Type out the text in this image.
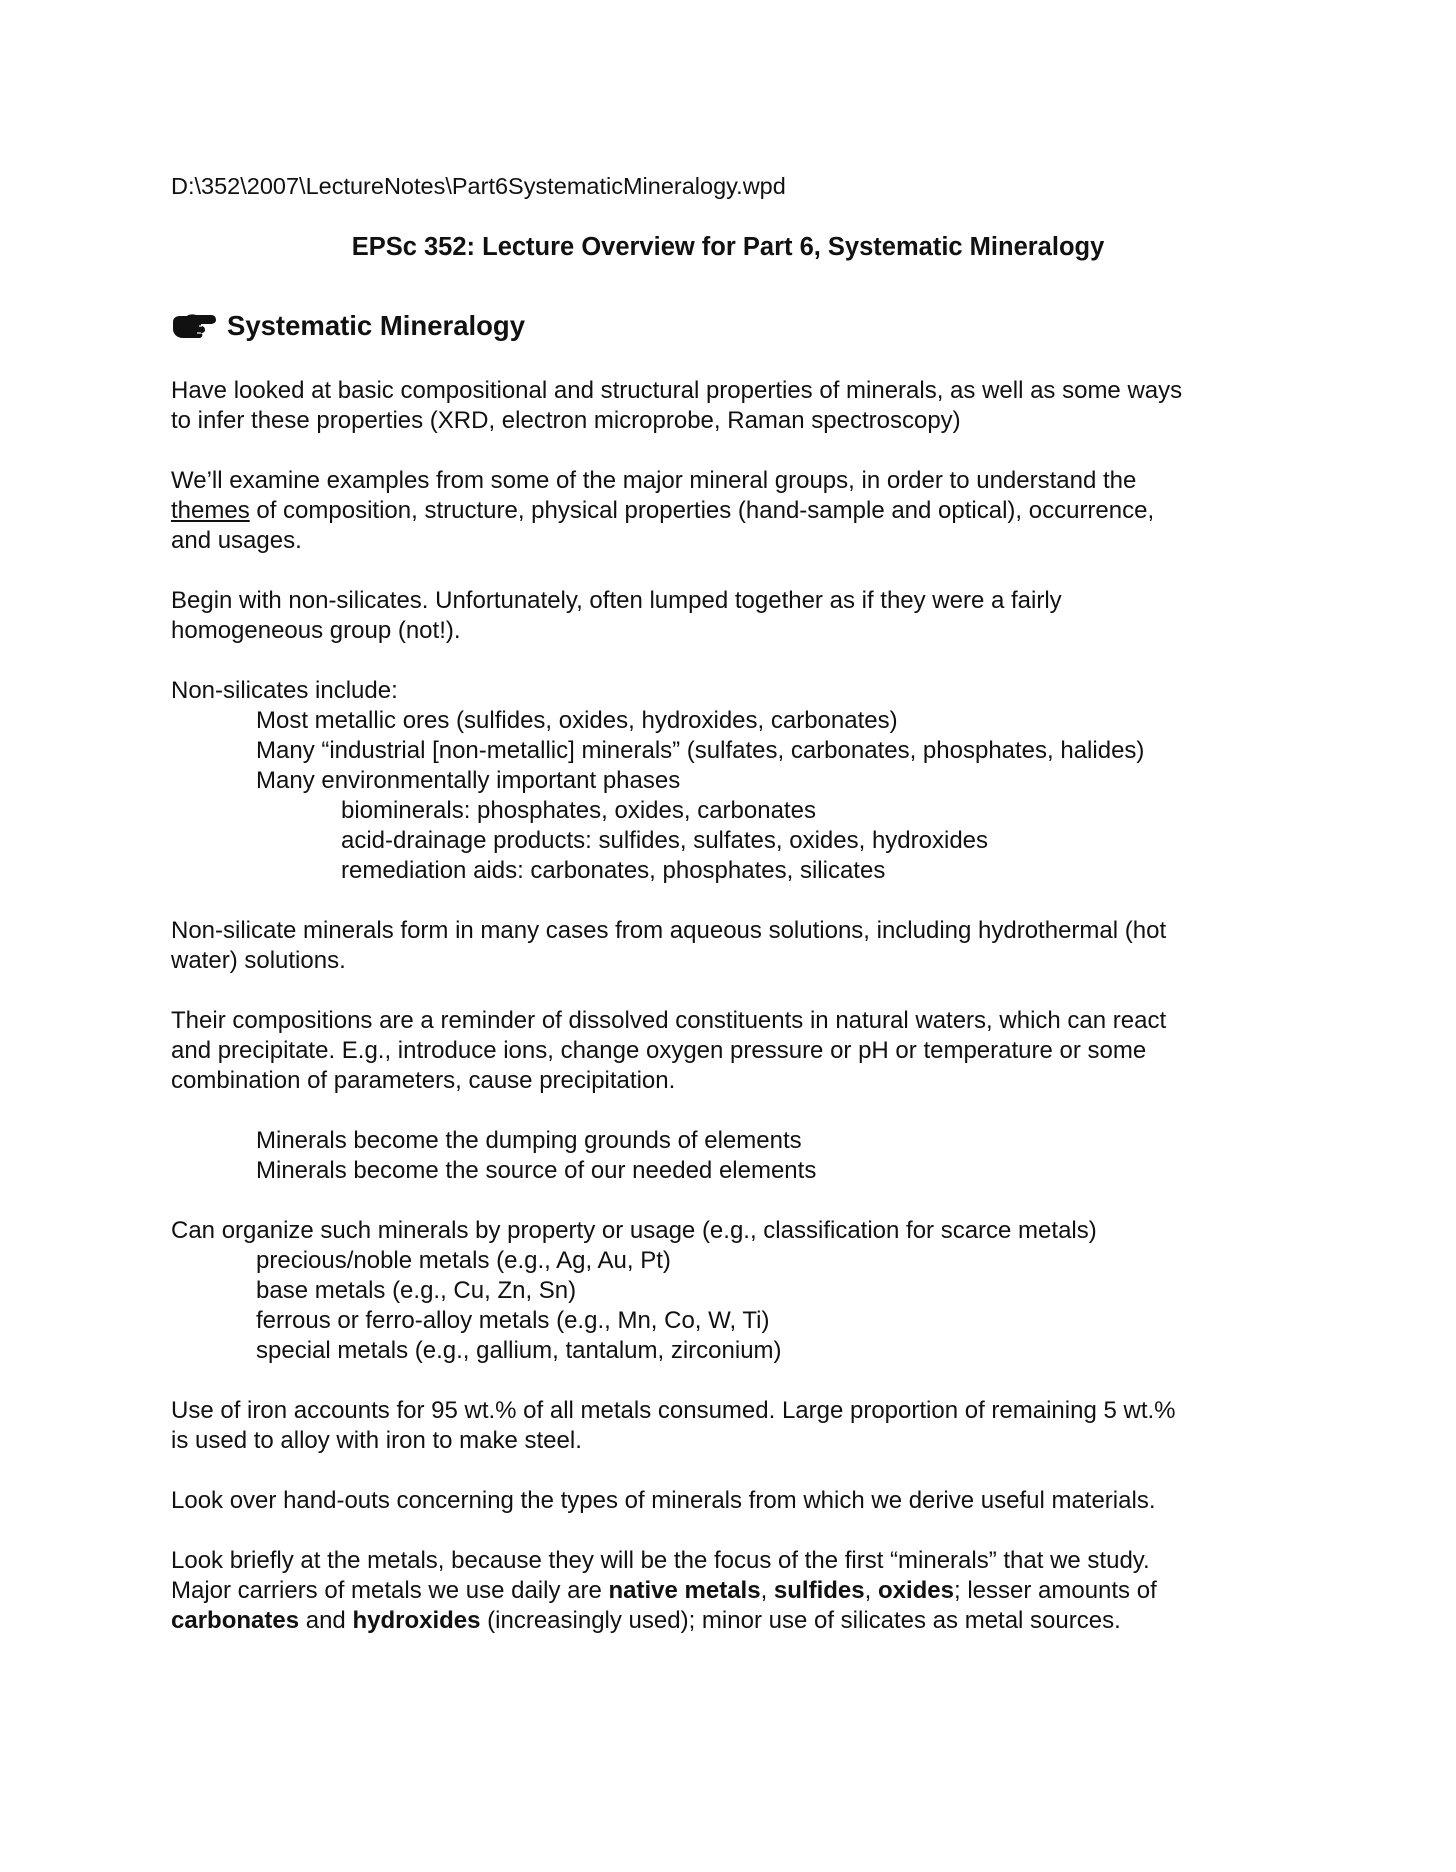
D:\352\2007\LectureNotes\Part6SystematicMineralogy.wpd
EPSc 352: Lecture Overview for Part 6, Systematic Mineralogy
Systematic Mineralogy
Have looked at basic compositional and structural properties of minerals, as well as some ways
to infer these properties (XRD, electron microprobe, Raman spectroscopy)
We’ll examine examples from some of the major mineral groups, in order to understand the
themes of composition, structure, physical properties (hand-sample and optical), occurrence,
and usages.
Begin with non-silicates. Unfortunately, often lumped together as if they were a fairly
homogeneous group (not!).
Non-silicates include:
Most metallic ores (sulfides, oxides, hydroxides, carbonates)
Many “industrial [non-metallic] minerals” (sulfates, carbonates, phosphates, halides)
Many environmentally important phases
biominerals: phosphates, oxides, carbonates
acid-drainage products: sulfides, sulfates, oxides, hydroxides
remediation aids: carbonates, phosphates, silicates
Non-silicate minerals form in many cases from aqueous solutions, including hydrothermal (hot
water) solutions.
Their compositions are a reminder of dissolved constituents in natural waters, which can react
and precipitate. E.g., introduce ions, change oxygen pressure or pH or temperature or some
combination of parameters, cause precipitation.
Minerals become the dumping grounds of elements
Minerals become the source of our needed elements
Can organize such minerals by property or usage (e.g., classification for scarce metals)
precious/noble metals (e.g., Ag, Au, Pt)
base metals (e.g., Cu, Zn, Sn)
ferrous or ferro-alloy metals (e.g., Mn, Co, W, Ti)
special metals (e.g., gallium, tantalum, zirconium)
Use of iron accounts for 95 wt.% of all metals consumed. Large proportion of remaining 5 wt.%
is used to alloy with iron to make steel.
Look over hand-outs concerning the types of minerals from which we derive useful materials.
Look briefly at the metals, because they will be the focus of the first “minerals” that we study.
Major carriers of metals we use daily are native metals, sulfides, oxides; lesser amounts of
carbonates and hydroxides (increasingly used); minor use of silicates as metal sources.
